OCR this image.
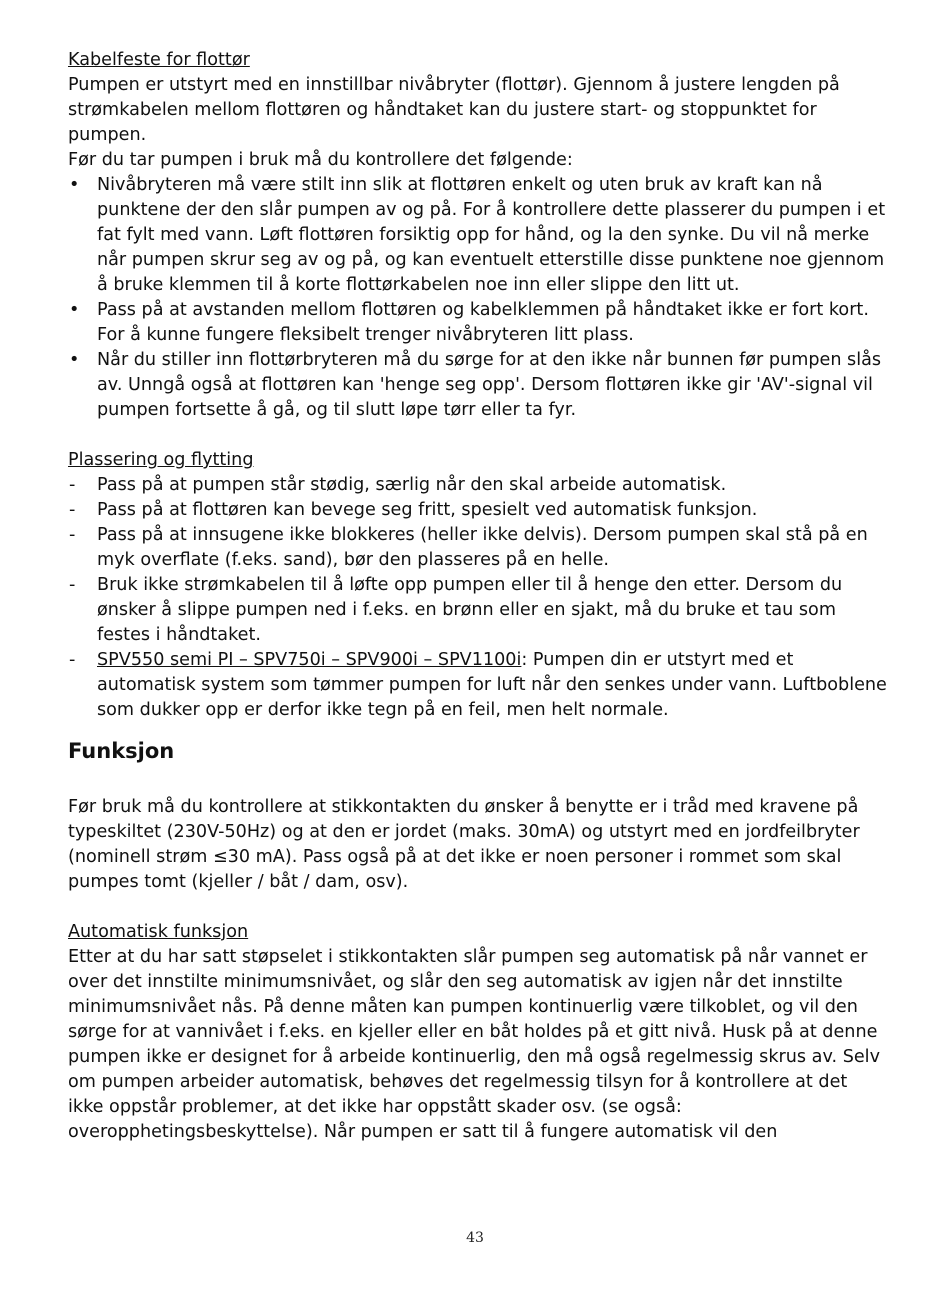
Kabelfeste for flottør

Pumpen er utstyrt med en innstillbar nivåbryter (flottør). Gjennom å justere lengden på strømkabelen mellom flottøren og håndtaket kan du justere start- og stoppunktet for pumpen.

Før du tar pumpen i bruk må du kontrollere det følgende:

• Nivåbryteren må være stilt inn slik at flottøren enkelt og uten bruk av kraft kan nå punktene der den slår pumpen av og på. For å kontrollere dette plasserer du pumpen i et fat fylt med vann. Løft flottøren forsiktig opp for hånd, og la den synke. Du vil nå merke når pumpen skrur seg av og på, og kan eventuelt etterstille disse punktene noe gjennom å bruke klemmen til å korte flottørkabelen noe inn eller slippe den litt ut.
• Pass på at avstanden mellom flottøren og kabelklemmen på håndtaket ikke er fort kort. For å kunne fungere fleksibelt trenger nivåbryteren litt plass.
• Når du stiller inn flottørbryteren må du sørge for at den ikke når bunnen før pumpen slås av. Unngå også at flottøren kan 'henge seg opp'. Dersom flottøren ikke gir 'AV'-signal vil pumpen fortsette å gå, og til slutt løpe tørr eller ta fyr.

Plassering og flytting

- Pass på at pumpen står stødig, særlig når den skal arbeide automatisk.
- Pass på at flottøren kan bevege seg fritt, spesielt ved automatisk funksjon.
- Pass på at innsugene ikke blokkeres (heller ikke delvis). Dersom pumpen skal stå på en myk overflate (f.eks. sand), bør den plasseres på en helle.
- Bruk ikke strømkabelen til å løfte opp pumpen eller til å henge den etter. Dersom du ønsker å slippe pumpen ned i f.eks. en brønn eller en sjakt, må du bruke et tau som festes i håndtaket.
- SPV550 semi PI – SPV750i – SPV900i – SPV1100i: Pumpen din er utstyrt med et automatisk system som tømmer pumpen for luft når den senkes under vann. Luftboblene som dukker opp er derfor ikke tegn på en feil, men helt normale.
Funksjon

Før bruk må du kontrollere at stikkontakten du ønsker å benytte er i tråd med kravene på typeskiltet (230V-50Hz) og at den er jordet (maks. 30mA) og utstyrt med en jordfeilbryter (nominell strøm ≤30 mA). Pass også på at det ikke er noen personer i rommet som skal pumpes tomt (kjeller / båt / dam, osv).

Automatisk funksjon

Etter at du har satt støpselet i stikkontakten slår pumpen seg automatisk på når vannet er over det innstilte minimumsnivået, og slår den seg automatisk av igjen når det innstilte minimumsnivået nås. På denne måten kan pumpen kontinuerlig være tilkoblet, og vil den sørge for at vannivået i f.eks. en kjeller eller en båt holdes på et gitt nivå. Husk på at denne pumpen ikke er designet for å arbeide kontinuerlig, den må også regelmessig skrus av. Selv om pumpen arbeider automatisk, behøves det regelmessig tilsyn for å kontrollere at det ikke oppstår problemer, at det ikke har oppstått skader osv. (se også: overopphetingsbeskyttelse). Når pumpen er satt til å fungere automatisk vil den

43
